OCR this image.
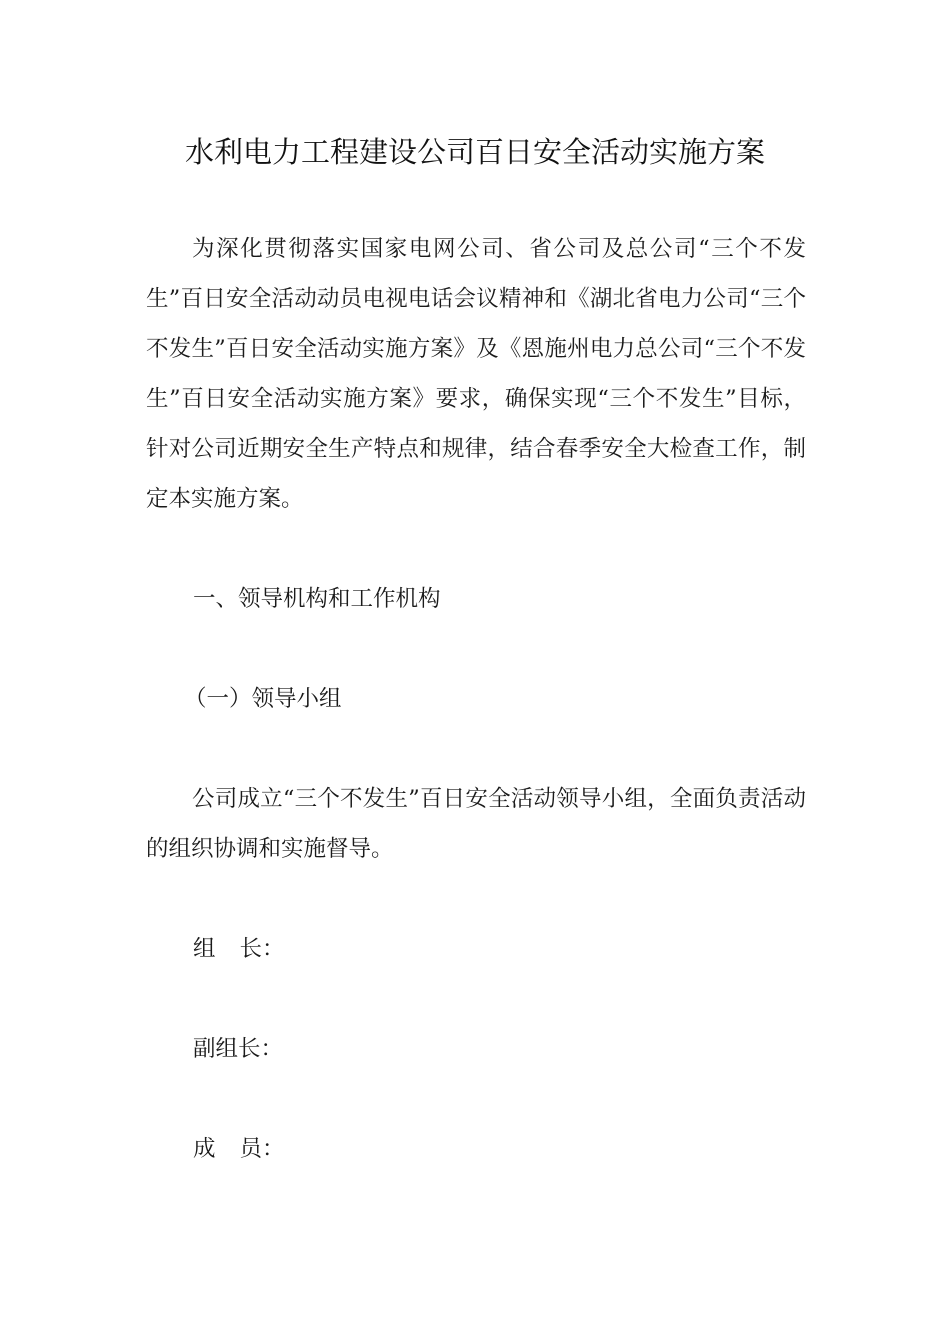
水利电力工程建设公司百日安全活动实施方案

为深化贯彻落实国家电网公司、省公司及总公司“三个不发生”百日安全活动动员电视电话会议精神和《湖北省电力公司“三个不发生”百日安全活动实施方案》及《恩施州电力总公司“三个不发生”百日安全活动实施方案》要求，确保实现“三个不发生”目标，针对公司近期安全生产特点和规律，结合春季安全大检查工作，制定本实施方案。

一、领导机构和工作机构

（一）领导小组

公司成立“三个不发生”百日安全活动领导小组，全面负责活动的组织协调和实施督导。

组 长：

副组长：

成 员：
